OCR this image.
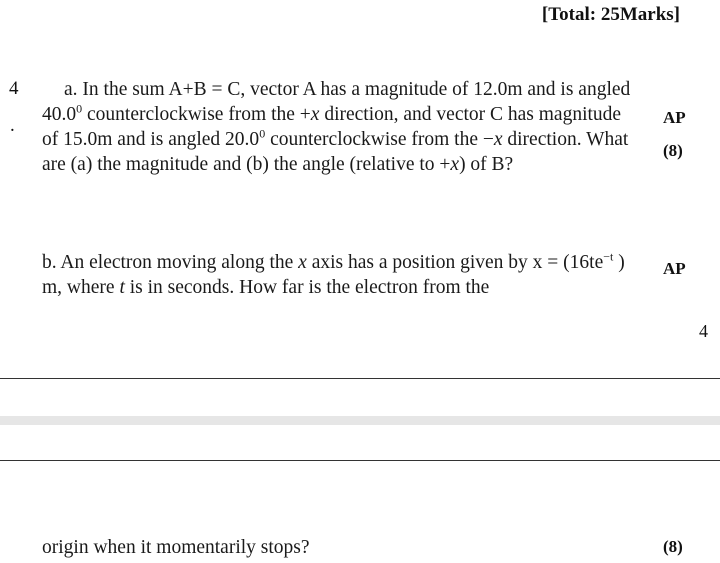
[Total: 25Marks]
4
.
a. In the sum A+B = C, vector A has a magnitude of 12.0m and is angled 40.0$^0$ counterclockwise from the +x direction, and vector C has magnitude of 15.0m and is angled 20.0$^0$ counterclockwise from the −x direction. What are (a) the magnitude and (b) the angle (relative to +x) of B?
AP
(8)
b. An electron moving along the x axis has a position given by $x = (16te^{-t}$ ) m, where t is in seconds. How far is the electron from the
AP
4
origin when it momentarily stops?	(8)
